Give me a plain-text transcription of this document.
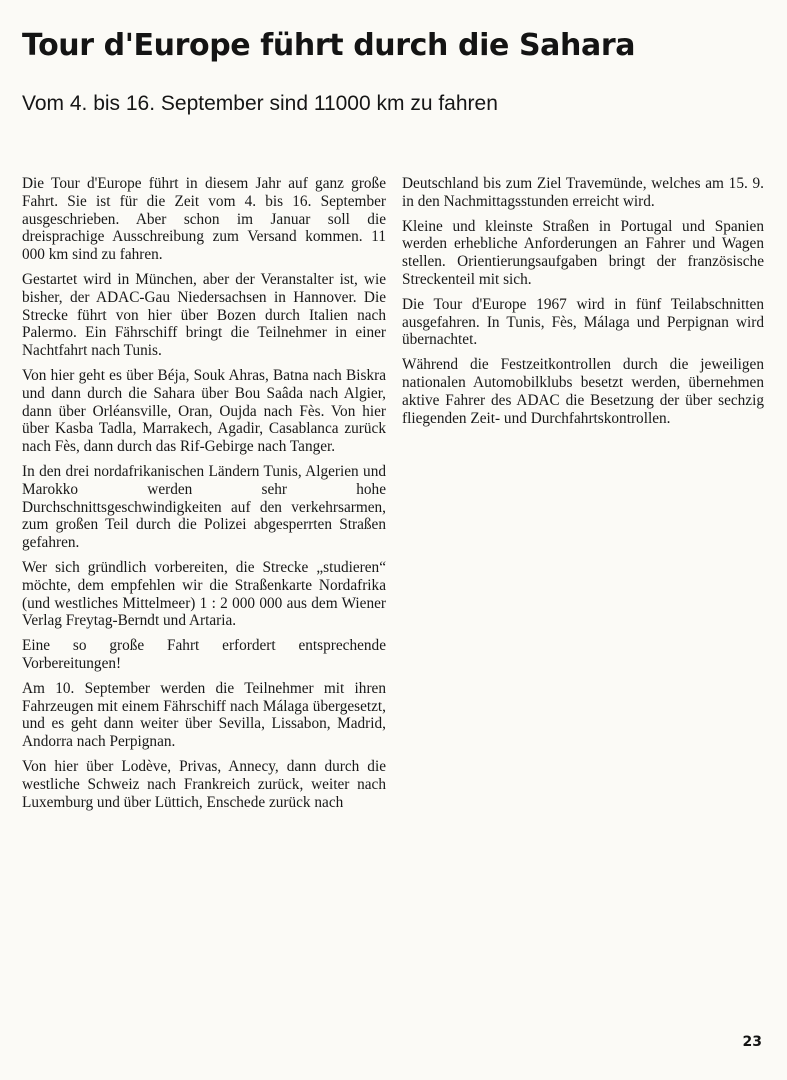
Tour d'Europe führt durch die Sahara
Vom 4. bis 16. September sind 11000 km zu fahren

Die Tour d'Europe führt in diesem Jahr auf ganz große Fahrt. Sie ist für die Zeit vom 4. bis 16. September ausgeschrieben. Aber schon im Januar soll die dreisprachige Ausschreibung zum Versand kommen. 11 000 km sind zu fahren.

Gestartet wird in München, aber der Veranstalter ist, wie bisher, der ADAC-Gau Niedersachsen in Hannover. Die Strecke führt von hier über Bozen durch Italien nach Palermo. Ein Fährschiff bringt die Teilnehmer in einer Nachtfahrt nach Tunis.

Von hier geht es über Béja, Souk Ahras, Batna nach Biskra und dann durch die Sahara über Bou Saâda nach Algier, dann über Orléansville, Oran, Oujda nach Fès. Von hier über Kasba Tadla, Marrakech, Agadir, Casablanca zurück nach Fès, dann durch das Rif-Gebirge nach Tanger.

In den drei nordafrikanischen Ländern Tunis, Algerien und Marokko werden sehr hohe Durchschnittsgeschwindigkeiten auf den verkehrsarmen, zum großen Teil durch die Polizei abgesperrten Straßen gefahren.

Wer sich gründlich vorbereiten, die Strecke „studieren“ möchte, dem empfehlen wir die Straßenkarte Nordafrika (und westliches Mittelmeer) 1 : 2 000 000 aus dem Wiener Verlag Freytag-Berndt und Artaria.

Eine so große Fahrt erfordert entsprechende Vorbereitungen!

Am 10. September werden die Teilnehmer mit ihren Fahrzeugen mit einem Fährschiff nach Málaga übergesetzt, und es geht dann weiter über Sevilla, Lissabon, Madrid, Andorra nach Perpignan.

Von hier über Lodève, Privas, Annecy, dann durch die westliche Schweiz nach Frankreich zurück, weiter nach Luxemburg und über Lüttich, Enschede zurück nach

Deutschland bis zum Ziel Travemünde, welches am 15. 9. in den Nachmittagsstunden erreicht wird.

Kleine und kleinste Straßen in Portugal und Spanien werden erhebliche Anforderungen an Fahrer und Wagen stellen. Orientierungsaufgaben bringt der französische Streckenteil mit sich.

Die Tour d'Europe 1967 wird in fünf Teilabschnitten ausgefahren. In Tunis, Fès, Málaga und Perpignan wird übernachtet.

Während die Festzeitkontrollen durch die jeweiligen nationalen Automobilklubs besetzt werden, übernehmen aktive Fahrer des ADAC die Besetzung der über sechzig fliegenden Zeit- und Durchfahrtskontrollen.

23
